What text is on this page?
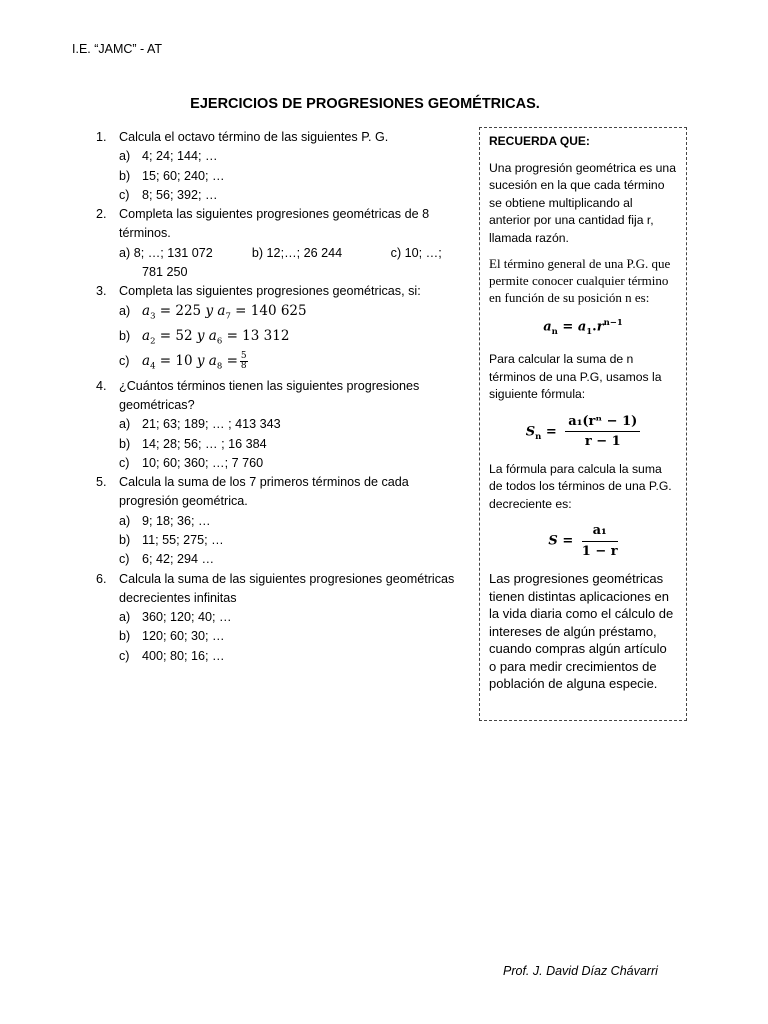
I.E. “JAMC” - AT
EJERCICIOS DE PROGRESIONES GEOMÉTRICAS.
1. Calcula el octavo término de las siguientes P. G.
a) 4; 24; 144; …
b) 15; 60; 240; …
c) 8; 56; 392; …
2. Completa las siguientes progresiones geométricas de 8 términos.
a) 8; …; 131 072	b) 12;…; 26 244	c) 10; …;
781 250
3. Completa las siguientes progresiones geométricas, si:
a) $a_3 = 225$ y $a_7 = 140$ 625
b) $a_2 = 52$ y $a_6 = 13$ 312
c) $a_4 = 10$ y $a_8 = \frac{5}{8}$
4. ¿Cuántos términos tienen las siguientes progresiones geométricas?
a) 21; 63; 189; … ; 413 343
b) 14; 28; 56; … ; 16 384
c) 10; 60; 360; …; 7 760
5. Calcula la suma de los 7 primeros términos de cada progresión geométrica.
a) 9; 18; 36; …
b) 11; 55; 275; …
c) 6; 42; 294 …
6. Calcula la suma de las siguientes progresiones geométricas decrecientes infinitas
a) 360; 120; 40; …
b) 120; 60; 30; …
c) 400; 80; 16; …

RECUERDA QUE:

Una progresión geométrica es una sucesión en la que cada término se obtiene multiplicando al anterior por una cantidad fija r, llamada razón.

El término general de una P.G. que permite conocer cualquier término en función de su posición n es:

$a_n = a_1.r^{n-1}$

Para calcular la suma de n términos de una P.G, usamos la siguiente fórmula:

$S_n = \frac{\text{a₁(rⁿ − 1)}}{r - 1}$

La fórmula para calcula la suma de todos los términos de una P.G. decreciente es:

$S = \frac{\text{a₁}}{1 - r}$

Las progresiones geométricas tienen distintas aplicaciones en la vida diaria como el cálculo de intereses de algún préstamo, cuando compras algún artículo o para medir crecimientos de población de alguna especie.

Prof. J. David Díaz Chávarri
